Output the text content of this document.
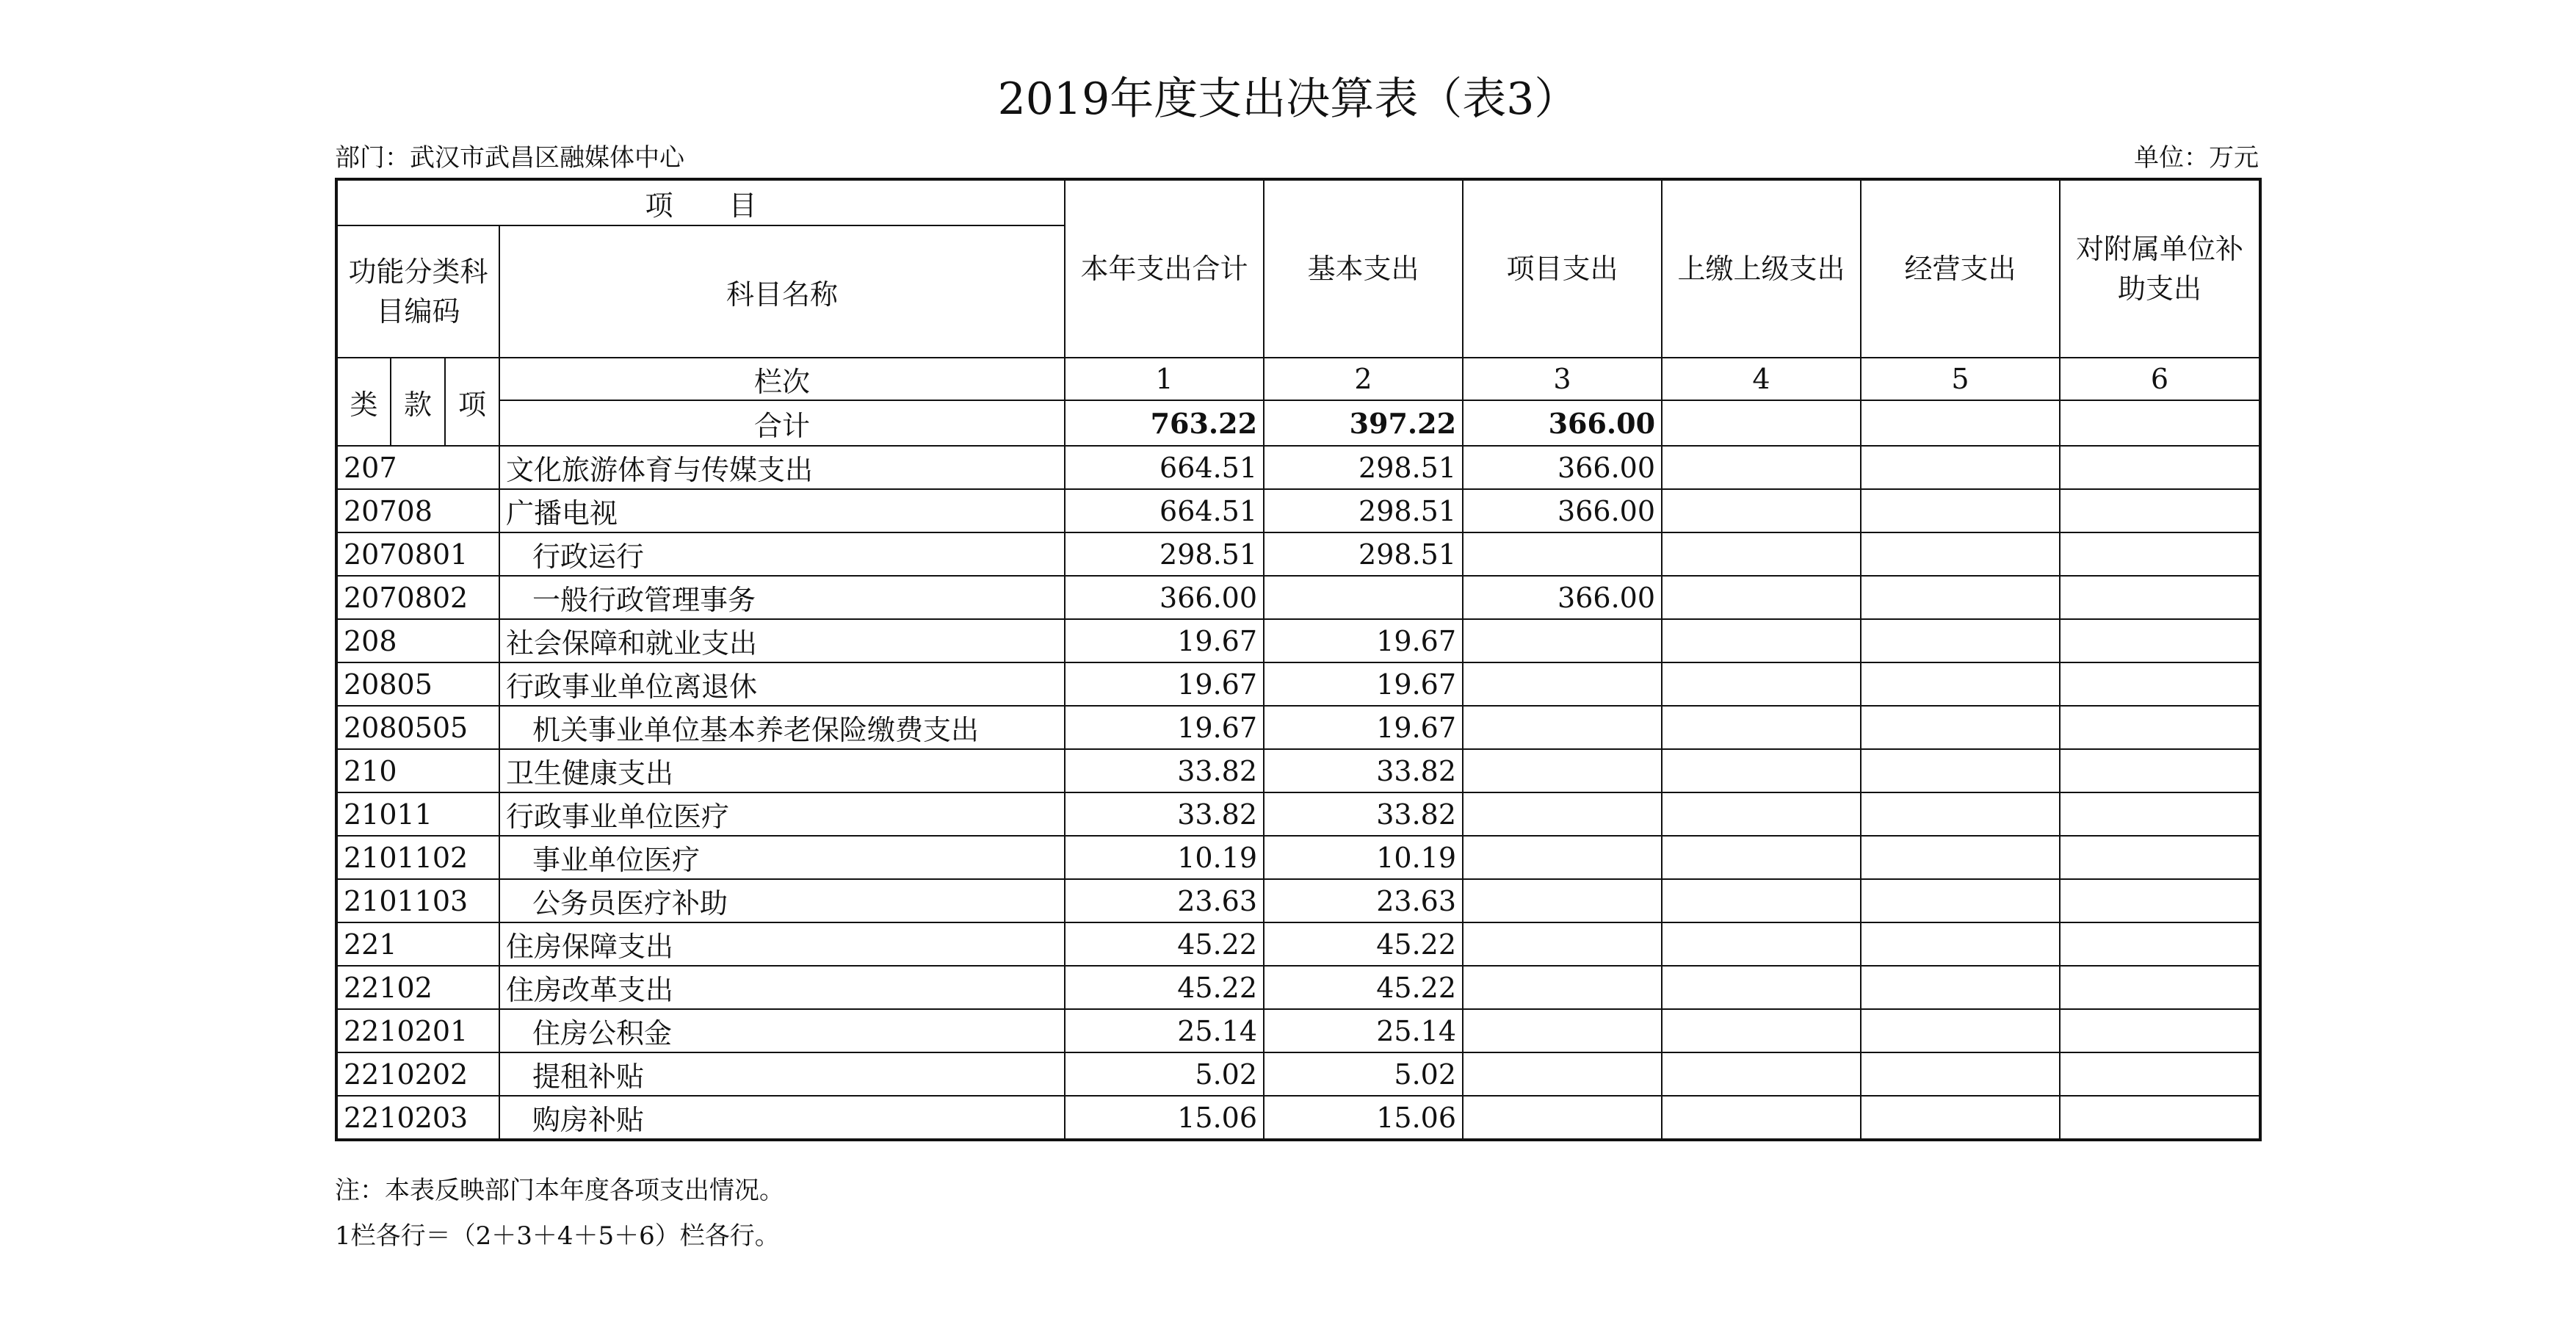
2019年度支出决算表（表3）
部门：武汉市武昌区融媒体中心	单位：万元
项　　目				本年支出合计	基本支出	项目支出	上缴上级支出	经营支出	对附属单位补助支出
功能分类科目编码			科目名称						
类	款	项	栏次	1	2	3	4	5	6
			合计	763.22	397.22	366.00			
207			文化旅游体育与传媒支出	664.51	298.51	366.00			
20708			广播电视	664.51	298.51	366.00			
2070801			行政运行	298.51	298.51				
2070802			一般行政管理事务	366.00		366.00			
208			社会保障和就业支出	19.67	19.67				
20805			行政事业单位离退休	19.67	19.67				
2080505			机关事业单位基本养老保险缴费支出	19.67	19.67				
210			卫生健康支出	33.82	33.82				
21011			行政事业单位医疗	33.82	33.82				
2101102			事业单位医疗	10.19	10.19				
2101103			公务员医疗补助	23.63	23.63				
221			住房保障支出	45.22	45.22				
22102			住房改革支出	45.22	45.22				
2210201			住房公积金	25.14	25.14				
2210202			提租补贴	5.02	5.02				
2210203			购房补贴	15.06	15.06				
注：本表反映部门本年度各项支出情况。
1栏各行＝（2＋3＋4＋5＋6）栏各行。
